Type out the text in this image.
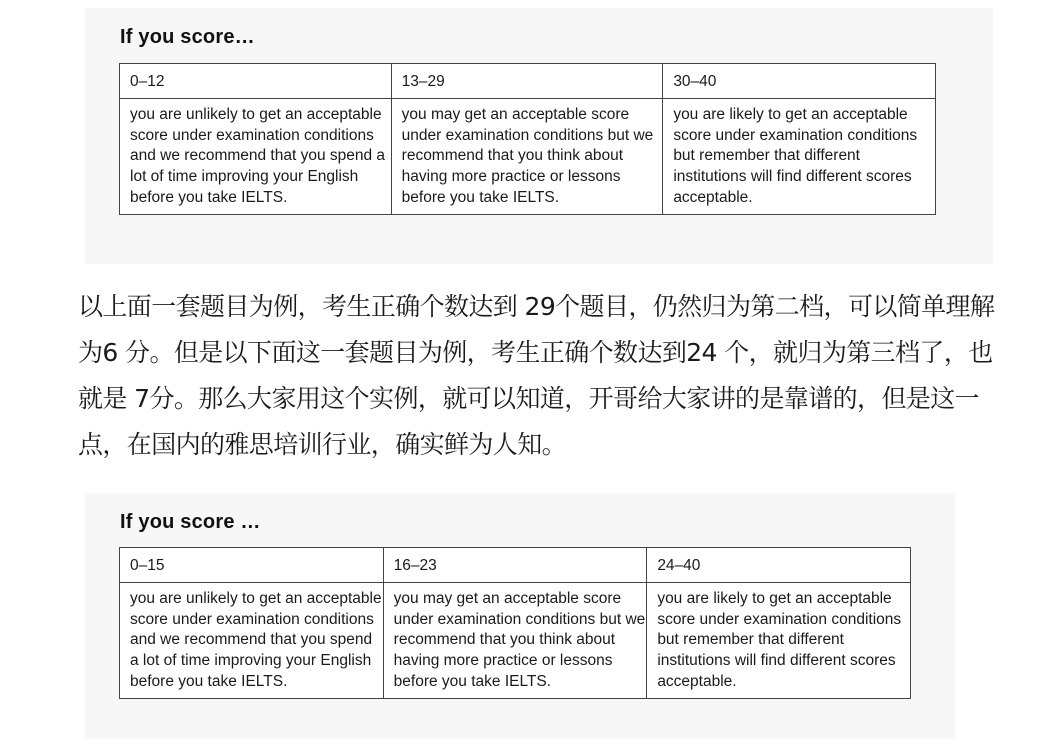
If you score…
0–12	13–29	30–40
you are unlikely to get an acceptable score under examination conditions and we recommend that you spend a lot of time improving your English before you take IELTS.	you may get an acceptable score under examination conditions but we recommend that you think about having more practice or lessons before you take IELTS.	you are likely to get an acceptable score under examination conditions but remember that different institutions will find different scores acceptable.

以上面一套题目为例，考生正确个数达到 29个题目，仍然归为第二档，可以简单理解为6 分。但是以下面这一套题目为例，考生正确个数达到24 个，就归为第三档了，也就是 7分。那么大家用这个实例，就可以知道，开哥给大家讲的是靠谱的，但是这一点，在国内的雅思培训行业，确实鲜为人知。

If you score …
0–15	16–23	24–40
you are unlikely to get an acceptable score under examination conditions and we recommend that you spend a lot of time improving your English before you take IELTS.	you may get an acceptable score under examination conditions but we recommend that you think about having more practice or lessons before you take IELTS.	you are likely to get an acceptable score under examination conditions but remember that different institutions will find different scores acceptable.
